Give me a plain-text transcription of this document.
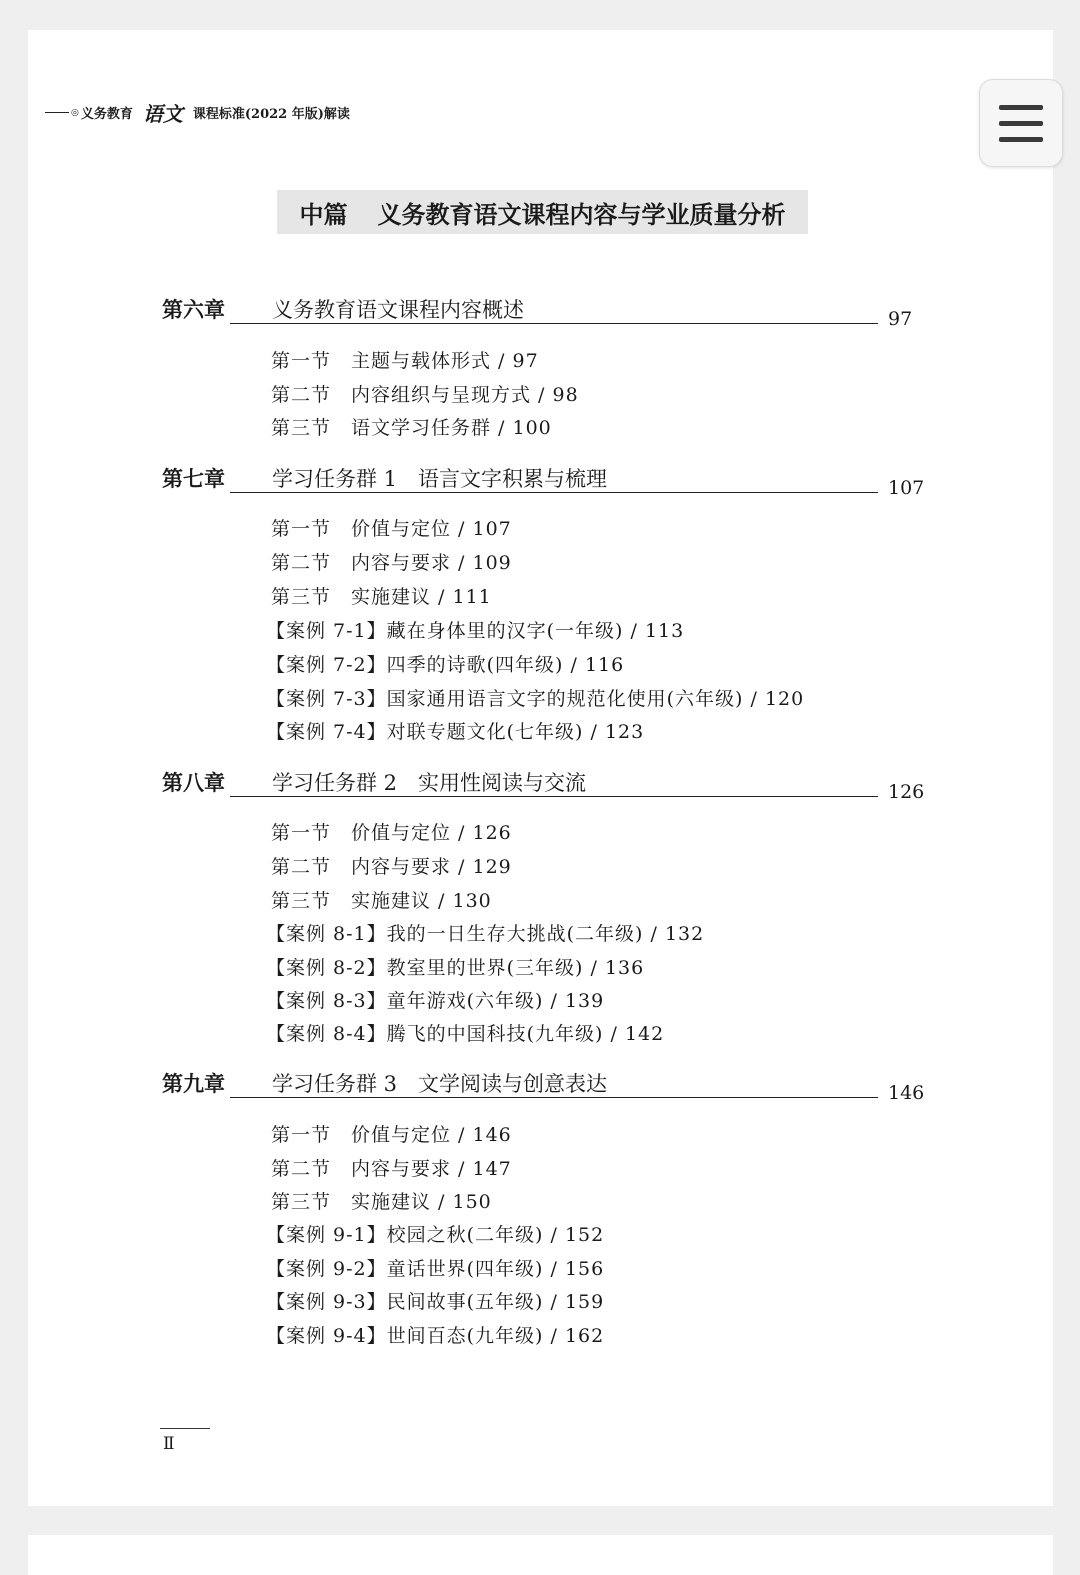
◎ 义务教育 语文 课程标准(2022 年版)解读
中篇 义务教育语文课程内容与学业质量分析
第六章 义务教育语文课程内容概述	97
第一节　主题与载体形式 / 97
第二节　内容组织与呈现方式 / 98
第三节　语文学习任务群 / 100
第七章 学习任务群 1　语言文字积累与梳理	107
第一节　价值与定位 / 107
第二节　内容与要求 / 109
第三节　实施建议 / 111
【案例 7-1】藏在身体里的汉字(一年级) / 113
【案例 7-2】四季的诗歌(四年级) / 116
【案例 7-3】国家通用语言文字的规范化使用(六年级) / 120
【案例 7-4】对联专题文化(七年级) / 123
第八章 学习任务群 2　实用性阅读与交流	126
第一节　价值与定位 / 126
第二节　内容与要求 / 129
第三节　实施建议 / 130
【案例 8-1】我的一日生存大挑战(二年级) / 132
【案例 8-2】教室里的世界(三年级) / 136
【案例 8-3】童年游戏(六年级) / 139
【案例 8-4】腾飞的中国科技(九年级) / 142
第九章 学习任务群 3　文学阅读与创意表达	146
第一节　价值与定位 / 146
第二节　内容与要求 / 147
第三节　实施建议 / 150
【案例 9-1】校园之秋(二年级) / 152
【案例 9-2】童话世界(四年级) / 156
【案例 9-3】民间故事(五年级) / 159
【案例 9-4】世间百态(九年级) / 162
Ⅱ
